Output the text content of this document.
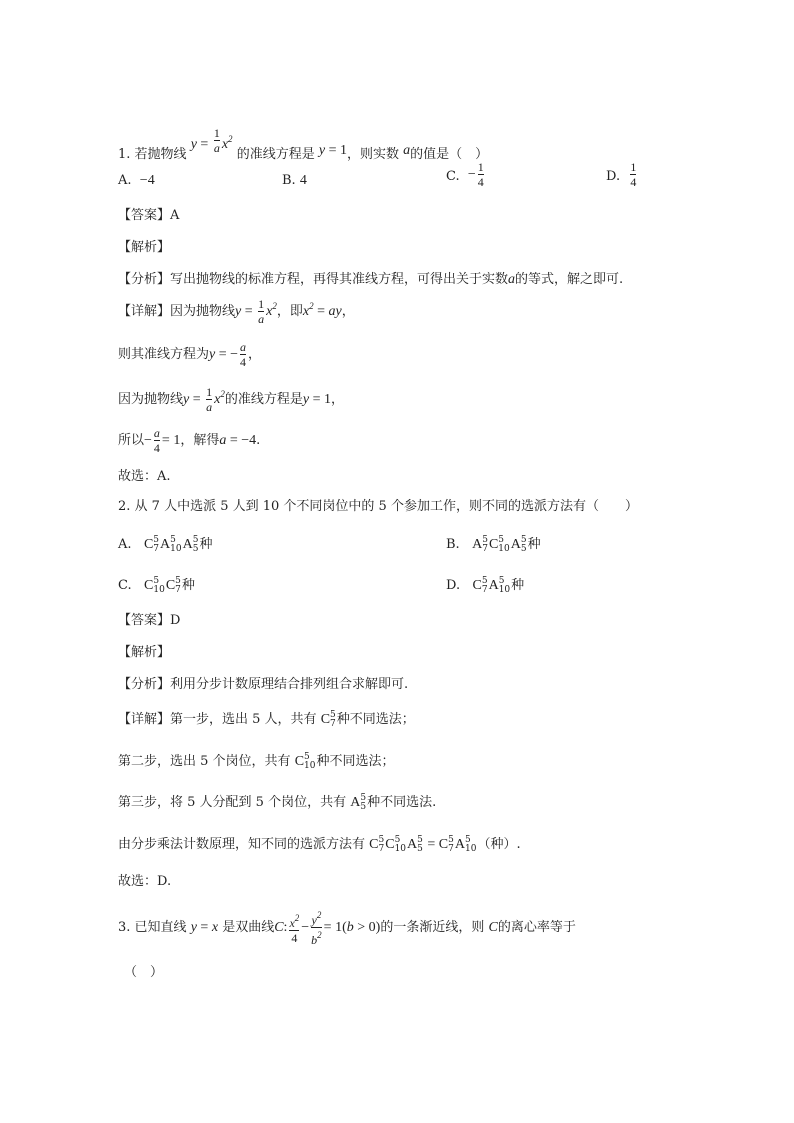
1. 若抛物线 $y = \frac{1}{a} x^2$ 的准线方程是 y = 1，则实数 a的值是（　）
A. −4	B. 4	C. − $\frac{1}{4}$	D. $\frac{1}{4}$
【答案】A
【解析】
【分析】写出抛物线的标准方程，再得其准线方程，可得出关于实数a的等式，解之即可.
【详解】因为抛物线$y = \frac{1}{a} x^2$，即$x^2$ = ay，
则其准线方程为y = − $\frac{a}{4}$ ，
因为抛物线$y = \frac{1}{a} x^2$的准线方程是y = 1，
所以− $\frac{a}{4} = 1$，解得a = −4.
故选：A.
2. 从 7 人中选派 5 人到 10 个不同岗位中的 5 个参加工作，则不同的选派方法有（　　）
A. C 5
7 A 5
10 A 5
5 种	B. A 5
7 C 5
10 A 5
5 种
C. C 5
10 C 5
7 种	D. C 5
7 A 5
10 种
【答案】D
【解析】
【分析】利用分步计数原理结合排列组合求解即可.
【详解】第一步，选出 5 人，共有 C 5
7 种不同选法；
第二步，选出 5 个岗位，共有 C 5
10 种不同选法；
第三步，将 5 人分配到 5 个岗位，共有 A 5
5 种不同选法.
由分步乘法计数原理，知不同的选派方法有 C 5
7 C 5
10 A 5
5 = C 5
7 A 5
10 （种）.
故选：D.
3. 已知直线 y = x 是双曲线C: $\frac{x^2}{4} - \frac{y^2}{b^2} = 1(b > 0)$的一条渐近线，则 C的离心率等于
（　）
